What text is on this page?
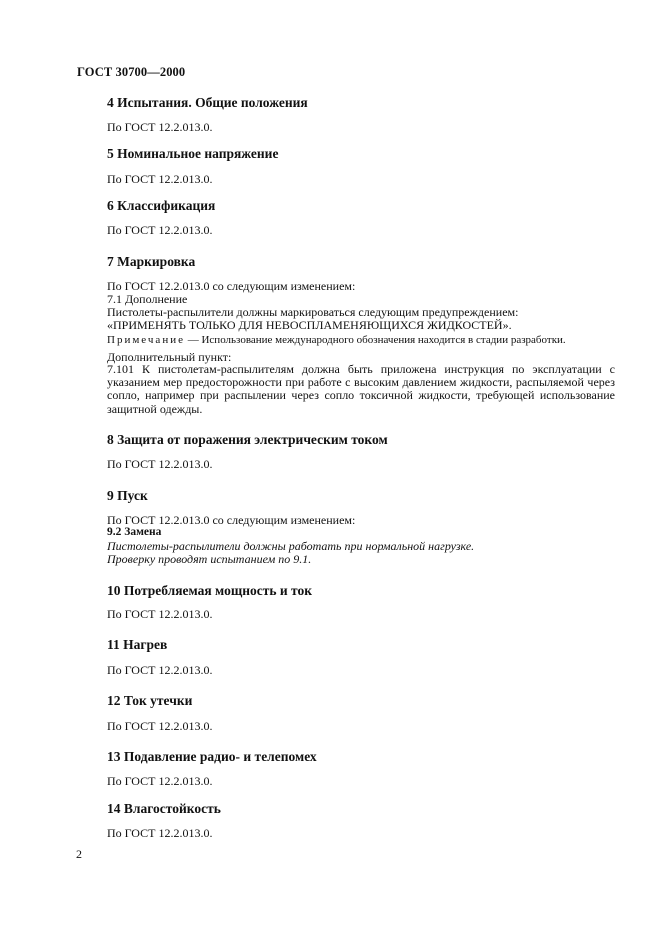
ГОСТ 30700—2000
4 Испытания. Общие положения
По ГОСТ 12.2.013.0.
5 Номинальное напряжение
По ГОСТ 12.2.013.0.
6 Классификация
По ГОСТ 12.2.013.0.
7 Маркировка
По ГОСТ 12.2.013.0 со следующим изменением:
7.1 Дополнение
Пистолеты-распылители должны маркироваться следующим предупреждением:
«ПРИМЕНЯТЬ ТОЛЬКО ДЛЯ НЕВОСПЛАМЕНЯЮЩИХСЯ ЖИДКОСТЕЙ».
Примечание — Использование международного обозначения находится в стадии разработки.
Дополнительный пункт:
7.101 К пистолетам-распылителям должна быть приложена инструкция по эксплуатации с указанием мер предосторожности при работе с высоким давлением жидкости, распыляемой через сопло, например при распылении через сопло токсичной жидкости, требующей использование защитной одежды.
8 Защита от поражения электрическим током
По ГОСТ 12.2.013.0.
9 Пуск
По ГОСТ 12.2.013.0 со следующим изменением:
9.2 Замена
Пистолеты-распылители должны работать при нормальной нагрузке.
Проверку проводят испытанием по 9.1.
10 Потребляемая мощность и ток
По ГОСТ 12.2.013.0.
11 Нагрев
По ГОСТ 12.2.013.0.
12 Ток утечки
По ГОСТ 12.2.013.0.
13 Подавление радио- и телепомех
По ГОСТ 12.2.013.0.
14 Влагостойкость
По ГОСТ 12.2.013.0.
2
